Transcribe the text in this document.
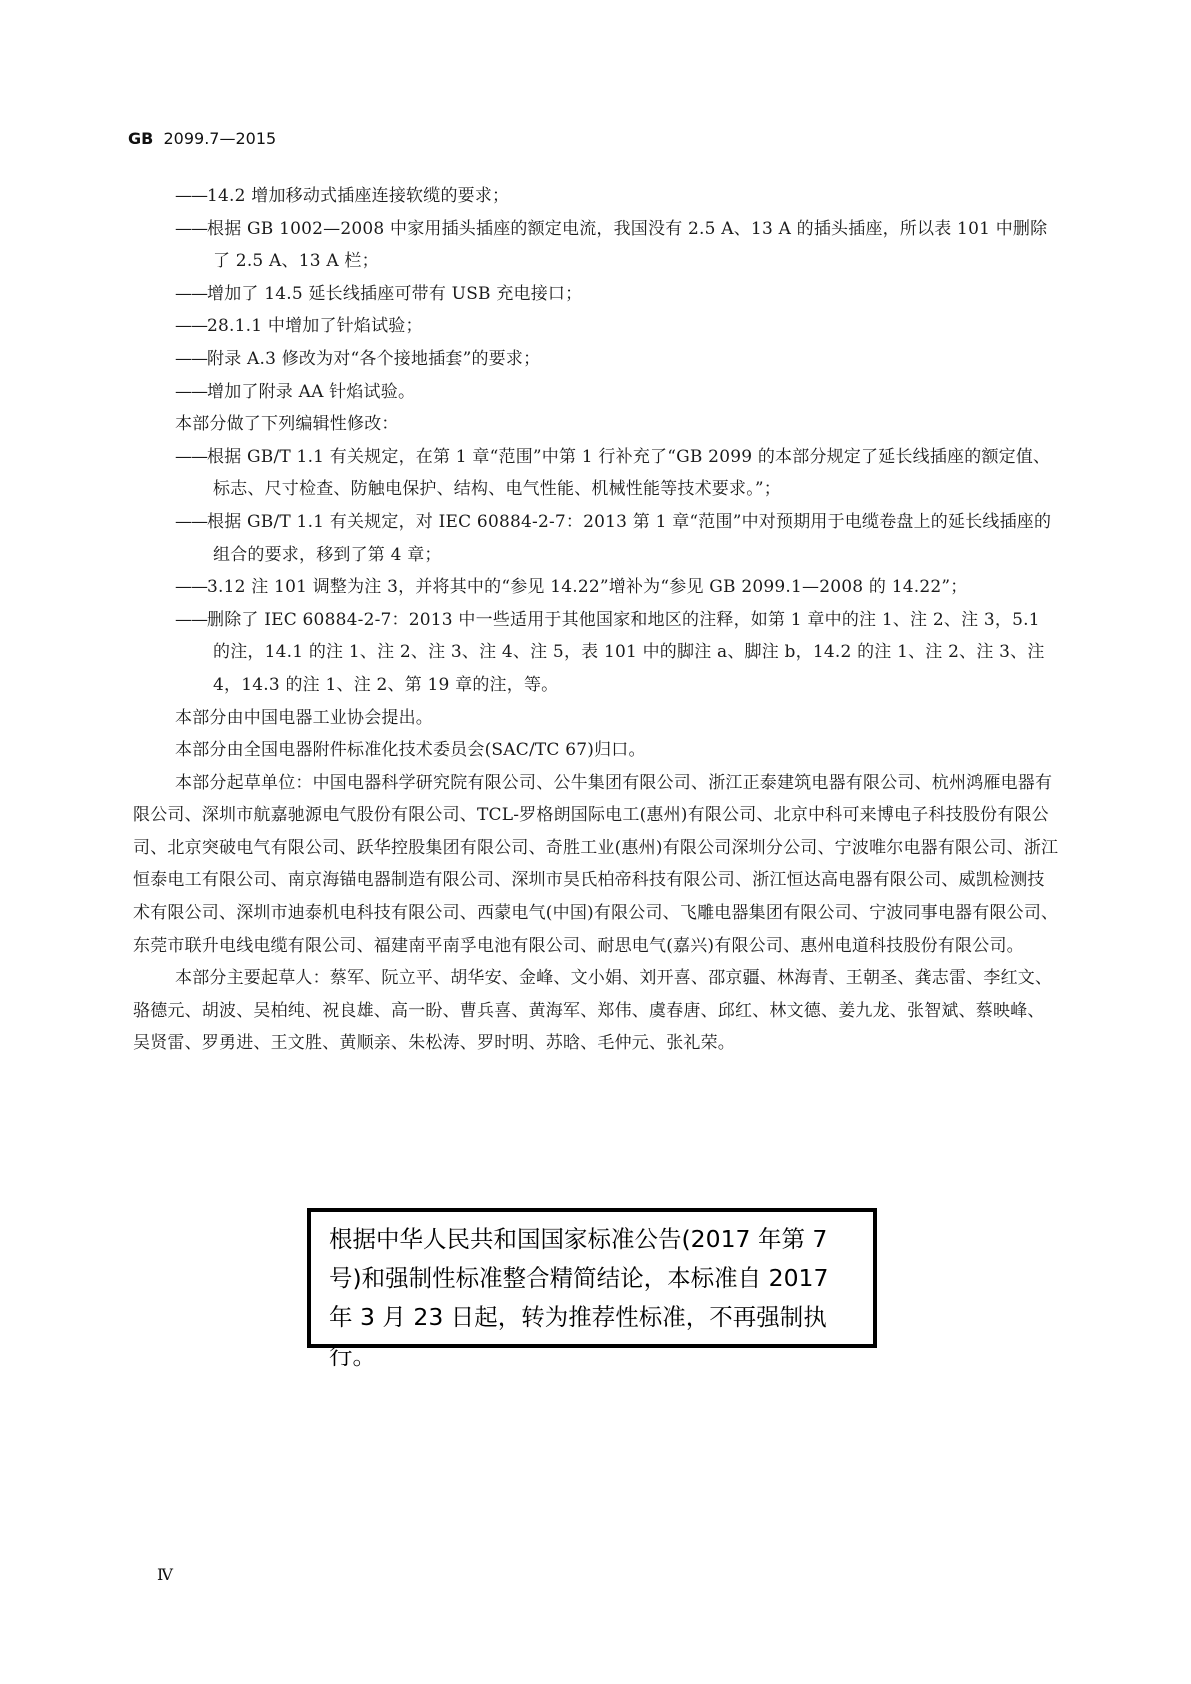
GB 2099.7—2015
——14.2 增加移动式插座连接软缆的要求；
——根据 GB 1002—2008 中家用插头插座的额定电流，我国没有 2.5 A、13 A 的插头插座，所以表 101 中删除了 2.5 A、13 A 栏；
——增加了 14.5 延长线插座可带有 USB 充电接口；
——28.1.1 中增加了针焰试验；
——附录 A.3 修改为对“各个接地插套”的要求；
——增加了附录 AA 针焰试验。
本部分做了下列编辑性修改：
——根据 GB/T 1.1 有关规定，在第 1 章“范围”中第 1 行补充了“GB 2099 的本部分规定了延长线插座的额定值、标志、尺寸检查、防触电保护、结构、电气性能、机械性能等技术要求。”；
——根据 GB/T 1.1 有关规定，对 IEC 60884-2-7：2013 第 1 章“范围”中对预期用于电缆卷盘上的延长线插座的组合的要求，移到了第 4 章；
——3.12 注 101 调整为注 3，并将其中的“参见 14.22”增补为“参见 GB 2099.1—2008 的 14.22”；
——删除了 IEC 60884-2-7：2013 中一些适用于其他国家和地区的注释，如第 1 章中的注 1、注 2、注 3，5.1 的注，14.1 的注 1、注 2、注 3、注 4、注 5，表 101 中的脚注 a、脚注 b，14.2 的注 1、注 2、注 3、注 4，14.3 的注 1、注 2、第 19 章的注，等。
本部分由中国电器工业协会提出。
本部分由全国电器附件标准化技术委员会(SAC/TC 67)归口。
本部分起草单位：中国电器科学研究院有限公司、公牛集团有限公司、浙江正泰建筑电器有限公司、杭州鸿雁电器有限公司、深圳市航嘉驰源电气股份有限公司、TCL-罗格朗国际电工(惠州)有限公司、北京中科可来博电子科技股份有限公司、北京突破电气有限公司、跃华控股集团有限公司、奇胜工业(惠州)有限公司深圳分公司、宁波唯尔电器有限公司、浙江恒泰电工有限公司、南京海锚电器制造有限公司、深圳市昊氏柏帝科技有限公司、浙江恒达高电器有限公司、威凯检测技术有限公司、深圳市迪泰机电科技有限公司、西蒙电气(中国)有限公司、飞雕电器集团有限公司、宁波同事电器有限公司、东莞市联升电线电缆有限公司、福建南平南孚电池有限公司、耐思电气(嘉兴)有限公司、惠州电道科技股份有限公司。
本部分主要起草人：蔡军、阮立平、胡华安、金峰、文小娟、刘开喜、邵京疆、林海青、王朝圣、龚志雷、李红文、骆德元、胡波、吴柏纯、祝良雄、高一盼、曹兵喜、黄海军、郑伟、虞春唐、邱红、林文德、姜九龙、张智斌、蔡映峰、吴贤雷、罗勇进、王文胜、黄顺亲、朱松涛、罗时明、苏晗、毛仲元、张礼荣。
根据中华人民共和国国家标准公告(2017 年第 7 号)和强制性标准整合精简结论，本标准自 2017 年 3 月 23 日起，转为推荐性标准，不再强制执行。
Ⅳ
